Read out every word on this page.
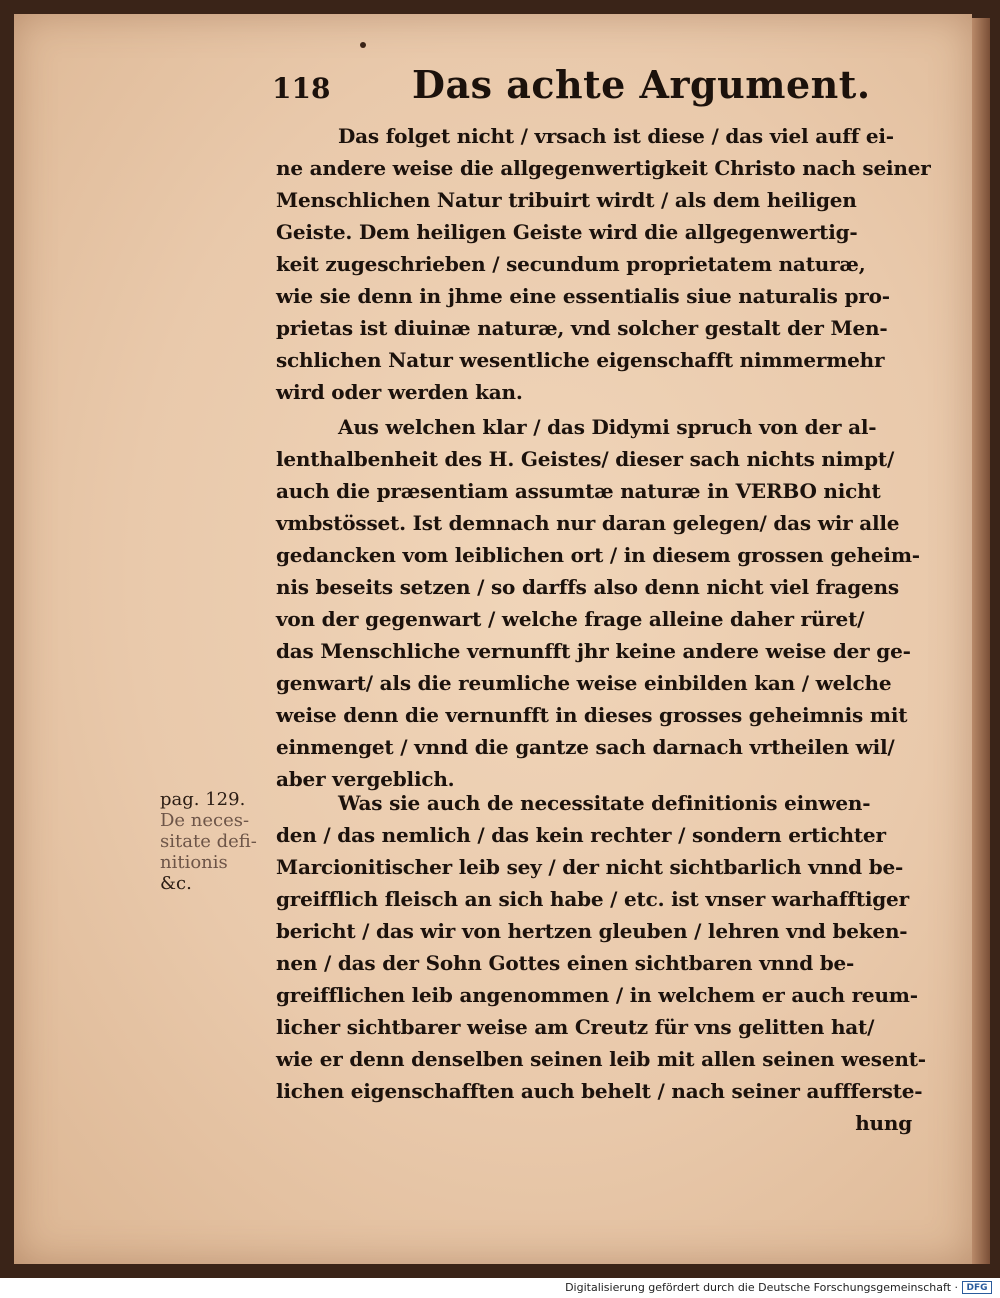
118 Das achte Argument.
Das folget nicht / vrsach ist diese / das viel auff ei-
ne andere weise die allgegenwertigkeit Christo nach seiner
Menschlichen Natur tribuirt wirdt / als dem heiligen
Geiste. Dem heiligen Geiste wird die allgegenwertig-
keit zugeschrieben / secundum proprietatem naturæ,
wie sie denn in jhme eine essentialis siue naturalis pro-
prietas ist diuinæ naturæ, vnd solcher gestalt der Men-
schlichen Natur wesentliche eigenschafft nimmermehr
wird oder werden kan.
Aus welchen klar / das Didymi spruch von der al-
lenthalbenheit des H. Geistes/ dieser sach nichts nimpt/
auch die præsentiam assumtæ naturæ in VERBO nicht
vmbstösset. Ist demnach nur daran gelegen/ das wir alle
gedancken vom leiblichen ort / in diesem grossen geheim-
nis beseits setzen / so darffs also denn nicht viel fragens
von der gegenwart / welche frage alleine daher rüret/
das Menschliche vernunfft jhr keine andere weise der ge-
genwart/ als die reumliche weise einbilden kan / welche
weise denn die vernunfft in dieses grosses geheimnis mit
einmenget / vnnd die gantze sach darnach vrtheilen wil/
aber vergeblich.
pag. 129.
De neces-
sitate defi-
nitionis
&c.
Was sie auch de necessitate definitionis einwen-
den / das nemlich / das kein rechter / sondern ertichter
Marcionitischer leib sey / der nicht sichtbarlich vnnd be-
greifflich fleisch an sich habe / etc. ist vnser warhafftiger
bericht / das wir von hertzen gleuben / lehren vnd beken-
nen / das der Sohn Gottes einen sichtbaren vnnd be-
greifflichen leib angenommen / in welchem er auch reum-
licher sichtbarer weise am Creutz für vns gelitten hat/
wie er denn denselben seinen leib mit allen seinen wesent-
lichen eigenschafften auch behelt / nach seiner auffferste-
hung
Digitalisierung gefördert durch die Deutsche Forschungsgemeinschaft · DFG
